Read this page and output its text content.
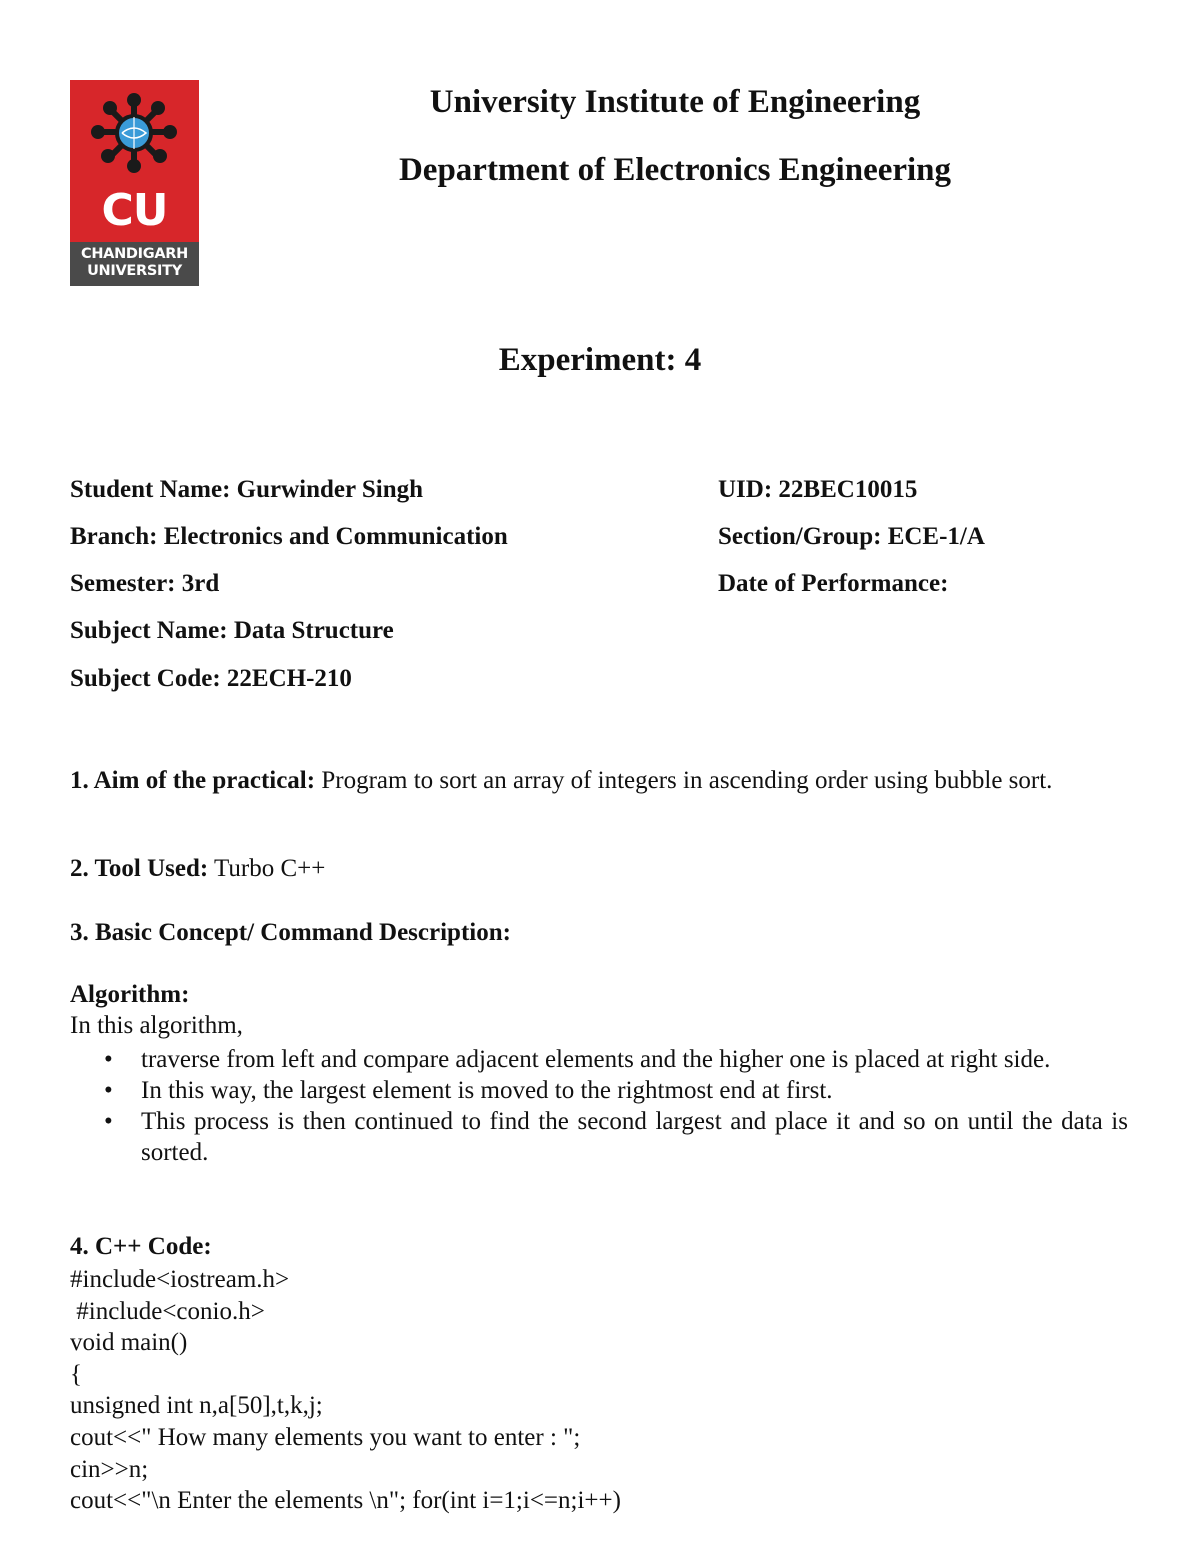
CU
CHANDIGARH
UNIVERSITY
University Institute of Engineering
Department of Electronics Engineering
Experiment: 4
Student Name: Gurwinder Singh	UID: 22BEC10015
Branch: Electronics and Communication	Section/Group: ECE-1/A
Semester: 3rd	Date of Performance:
Subject Name: Data Structure
Subject Code: 22ECH-210
1. Aim of the practical: Program to sort an array of integers in ascending order using bubble sort.
2. Tool Used: Turbo C++
3. Basic Concept/ Command Description:
Algorithm:
In this algorithm,
• traverse from left and compare adjacent elements and the higher one is placed at right side.
• In this way, the largest element is moved to the rightmost end at first.
• This process is then continued to find the second largest and place it and so on until the data is sorted.
4. C++ Code:
#include<iostream.h>
#include<conio.h>
void main()
{
unsigned int n,a[50],t,k,j;
cout<<" How many elements you want to enter : ";
cin>>n;
cout<<"\n Enter the elements \n"; for(int i=1;i<=n;i++)
